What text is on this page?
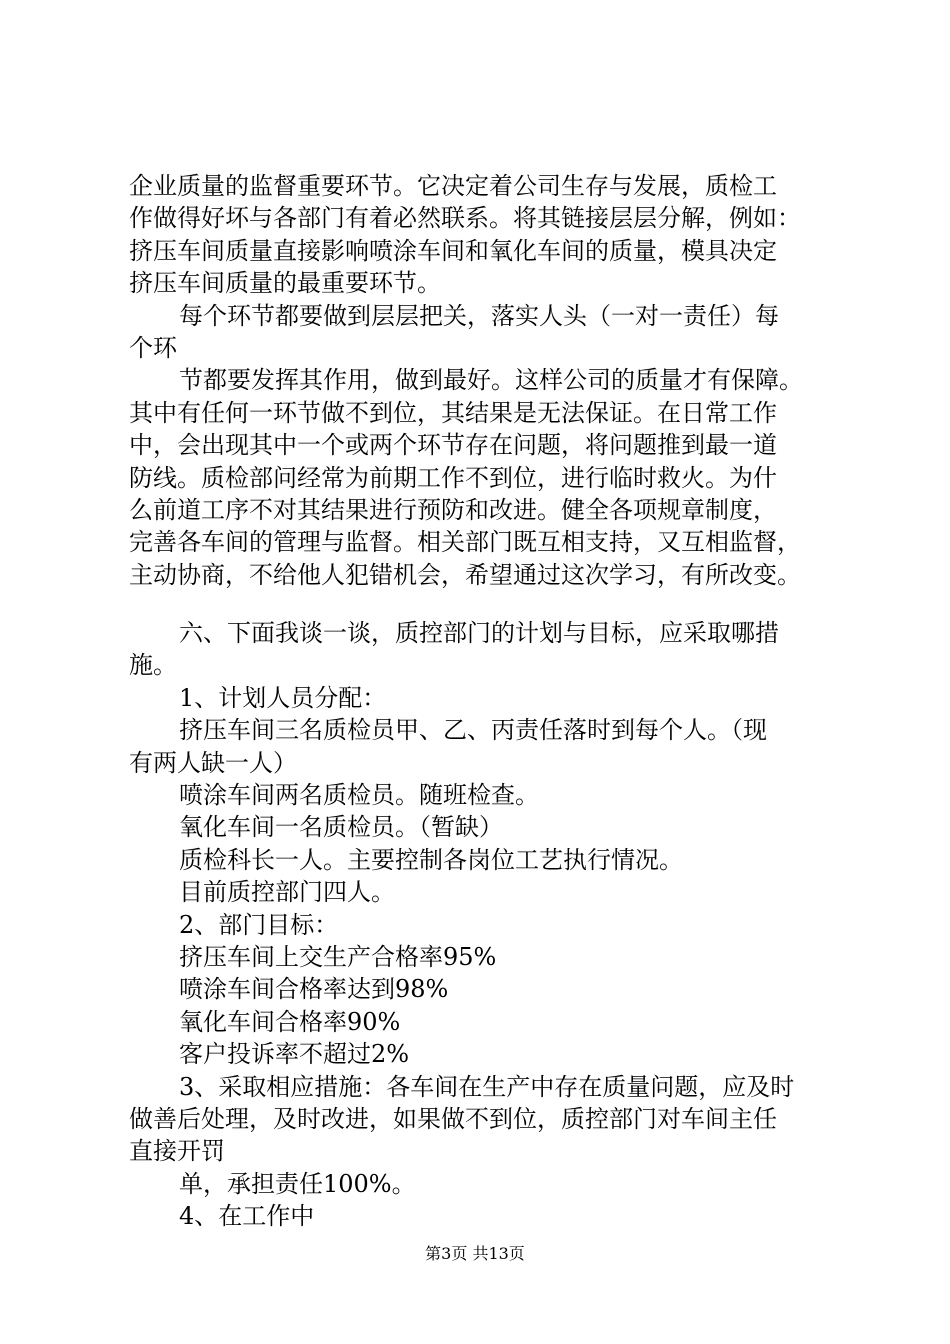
企业质量的监督重要环节。它决定着公司生存与发展，质检工
作做得好坏与各部门有着必然联系。将其链接层层分解，例如：
挤压车间质量直接影响喷涂车间和氧化车间的质量，模具决定
挤压车间质量的最重要环节。
每个环节都要做到层层把关，落实人头（一对一责任）每
个环
节都要发挥其作用，做到最好。这样公司的质量才有保障。
其中有任何一环节做不到位，其结果是无法保证。在日常工作
中，会出现其中一个或两个环节存在问题，将问题推到最一道
防线。质检部问经常为前期工作不到位，进行临时救火。为什
么前道工序不对其结果进行预防和改进。健全各项规章制度，
完善各车间的管理与监督。相关部门既互相支持，又互相监督，
主动协商，不给他人犯错机会，希望通过这次学习，有所改变。
六、下面我谈一谈，质控部门的计划与目标，应采取哪措
施。
1、计划人员分配：
挤压车间三名质检员甲、乙、丙责任落时到每个人。（现
有两人缺一人）
喷涂车间两名质检员。随班检查。
氧化车间一名质检员。（暂缺）
质检科长一人。主要控制各岗位工艺执行情况。
目前质控部门四人。
2、部门目标：
挤压车间上交生产合格率95%
喷涂车间合格率达到98%
氧化车间合格率90%
客户投诉率不超过2%
3、采取相应措施：各车间在生产中存在质量问题，应及时
做善后处理，及时改进，如果做不到位，质控部门对车间主任
直接开罚
单，承担责任100%。
4、在工作中
第3页 共13页
